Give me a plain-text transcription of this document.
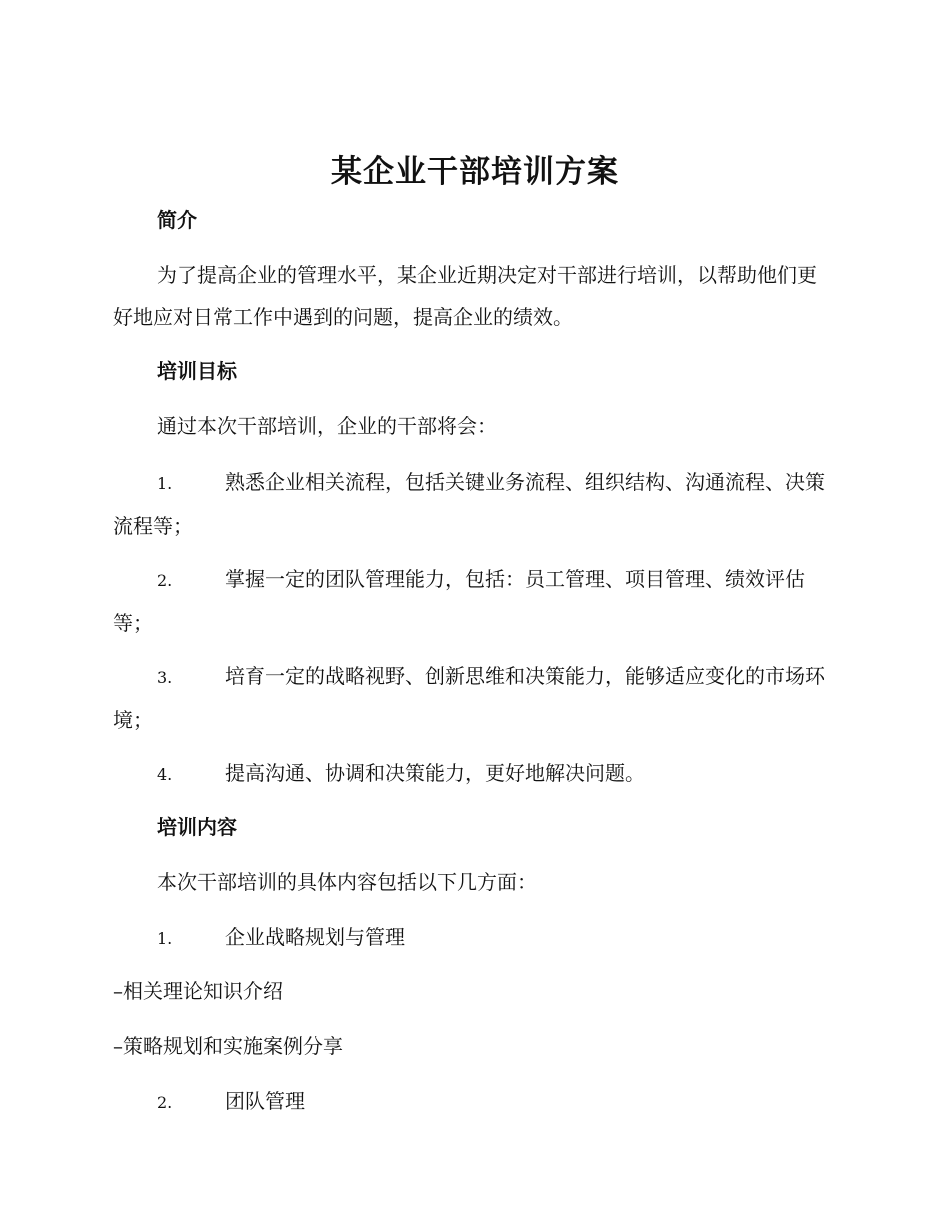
某企业干部培训方案
简介

为了提高企业的管理水平，某企业近期决定对干部进行培训，以帮助他们更好地应对日常工作中遇到的问题，提高企业的绩效。

培训目标
通过本次干部培训，企业的干部将会：
1.	熟悉企业相关流程，包括关键业务流程、组织结构、沟通流程、决策流程等；
2.	掌握一定的团队管理能力，包括：员工管理、项目管理、绩效评估等；
3.	培育一定的战略视野、创新思维和决策能力，能够适应变化的市场环境；
4.	提高沟通、协调和决策能力，更好地解决问题。
培训内容
本次干部培训的具体内容包括以下几方面：
1.	企业战略规划与管理
–相关理论知识介绍
–策略规划和实施案例分享
2.	团队管理
